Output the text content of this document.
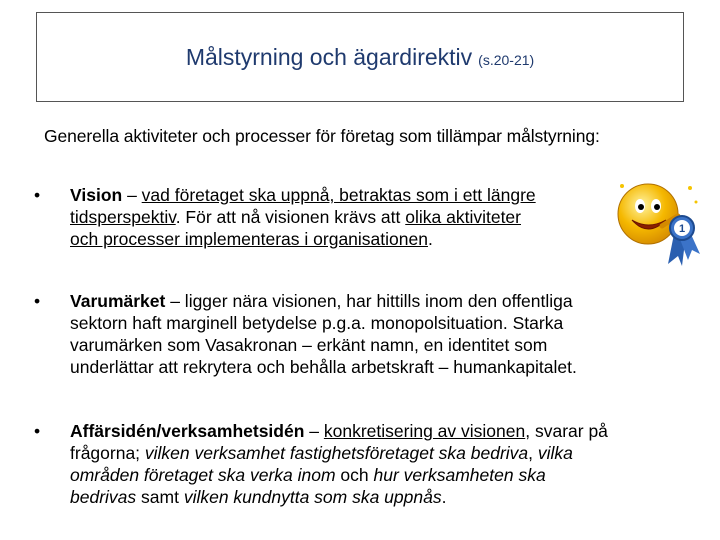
Målstyrning och ägardirektiv (s.20-21)
Generella aktiviteter och processer för företag som tillämpar målstyrning:
•	Vision – vad företaget ska uppnå, betraktas som i ett längre
tidsperspektiv. För att nå visionen krävs att olika aktiviteter
och processer implementeras i organisationen.	1
•	Varumärket – ligger nära visionen, har hittills inom den offentliga
sektorn haft marginell betydelse p.g.a. monopolsituation. Starka
varumärken som Vasakronan – erkänt namn, en identitet som
underlättar att rekrytera och behålla arbetskraft – humankapitalet.
•	Affärsidén/verksamhetsidén – konkretisering av visionen, svarar på
frågorna; vilken verksamhet fastighetsföretaget ska bedriva, vilka
områden företaget ska verka inom och hur verksamheten ska
bedrivas samt vilken kundnytta som ska uppnås.
